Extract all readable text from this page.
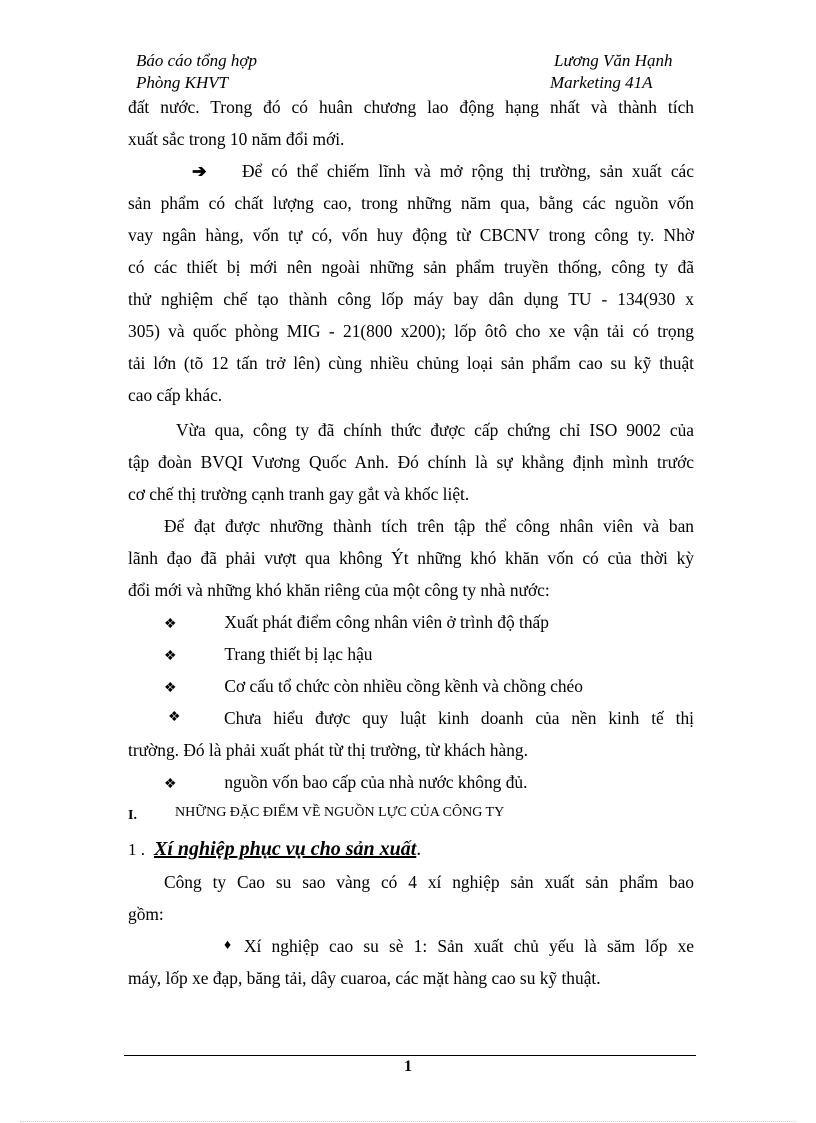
Báo cáo tổng hợp
Phòng KHVT
Lương Văn Hạnh
Marketing 41A
đất nước. Trong đó có huân chương lao động hạng nhất và thành tích
xuất sắc trong 10 năm đổi mới.
➔ Để có thể chiếm lĩnh và mở rộng thị trường, sản xuất các
sản phẩm có chất lượng cao, trong những năm qua, bằng các nguồn vốn
vay ngân hàng, vốn tự có, vốn huy động từ CBCNV trong công ty. Nhờ
có các thiết bị mới nên ngoài những sản phẩm truyền thống, công ty đã
thử nghiệm chế tạo thành công lốp máy bay dân dụng TU - 134(930 x
305) và quốc phòng MIG - 21(800 x200); lốp ôtô cho xe vận tải có trọng
tải lớn (tõ 12 tấn trở lên) cùng nhiều chủng loại sản phẩm cao su kỹ thuật
cao cấp khác.
Vừa qua, công ty đã chính thức được cấp chứng chỉ ISO 9002 của
tập đoàn BVQI Vương Quốc Anh. Đó chính là sự khẳng định mình trước
cơ chế thị trường cạnh tranh gay gắt và khốc liệt.
Để đạt được nhưỡng thành tích trên tập thể công nhân viên và ban
lãnh đạo đã phải vượt qua không Ýt những khó khăn vốn có của thời kỳ
đổi mới và những khó khăn riêng của một công ty nhà nước:
❖	Xuất phát điểm công nhân viên ở trình độ thấp
❖	Trang thiết bị lạc hậu
❖	Cơ cấu tổ chức còn nhiều cồng kềnh và chồng chéo
❖	Chưa hiểu được quy luật kinh doanh của nền kinh tế thị
trường. Đó là phải xuất phát từ thị trường, từ khách hàng.
❖	nguồn vốn bao cấp của nhà nước không đủ.
I.	NHỮNG ĐẶC ĐIỂM VỀ NGUỒN LỰC CỦA CÔNG TY
1 . Xí nghiệp phục vụ cho sản xuất.
Công ty Cao su sao vàng có 4 xí nghiệp sản xuất sản phẩm bao
gồm:
♦ Xí nghiệp cao su sè 1: Sản xuất chủ yếu là săm lốp xe
máy, lốp xe đạp, băng tải, dây cuaroa, các mặt hàng cao su kỹ thuật.
1
